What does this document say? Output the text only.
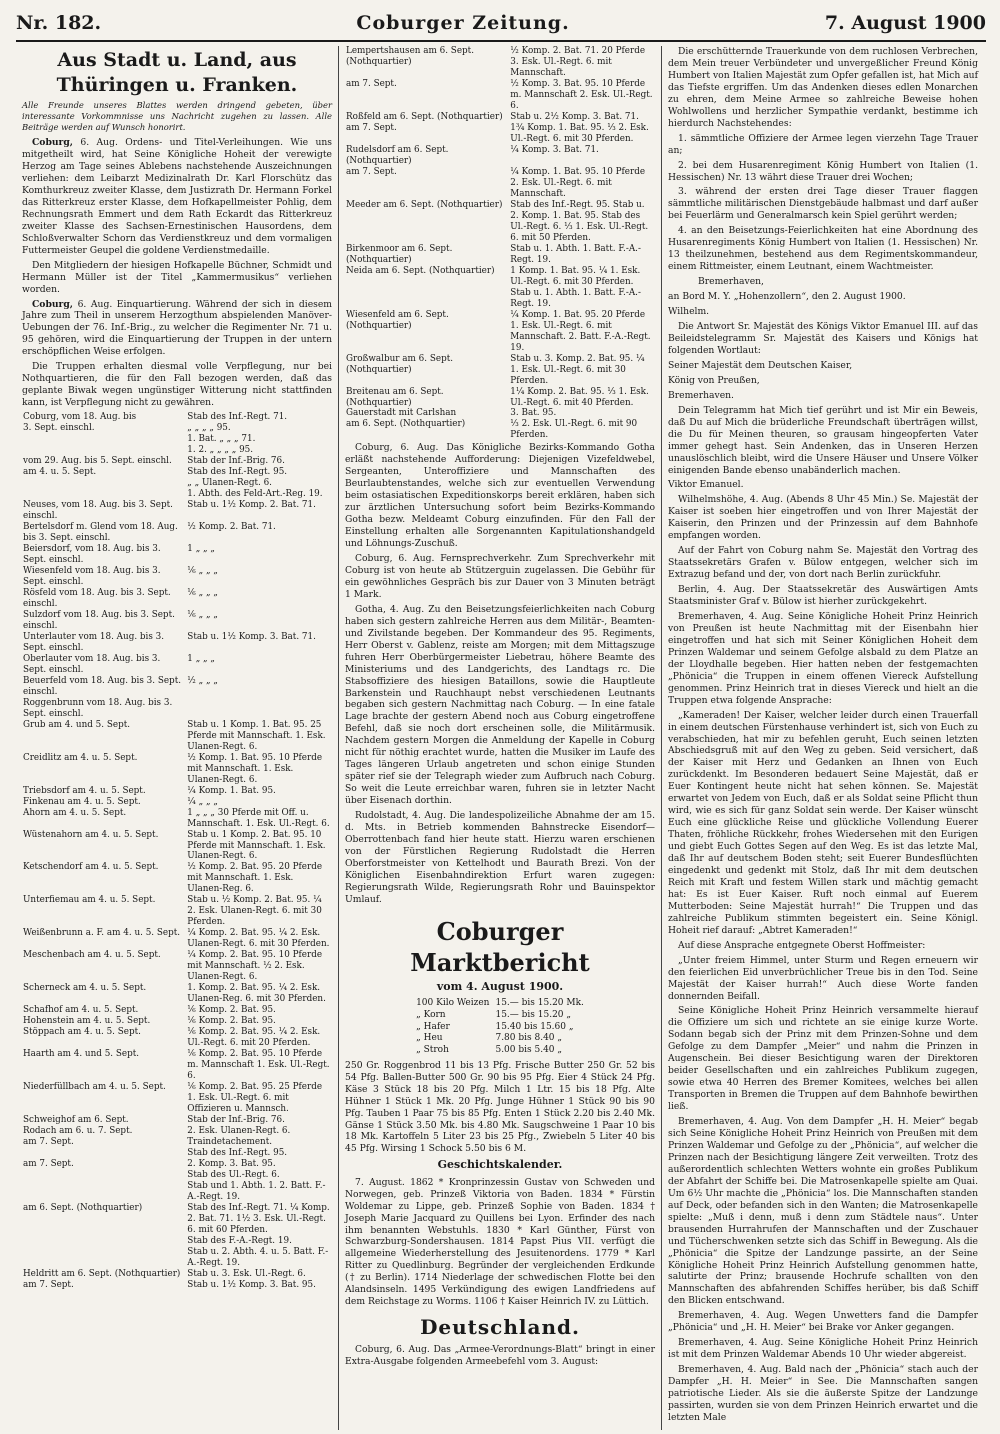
Nr. 182.	Coburger Zeitung.	7. August 1900
Aus Stadt u. Land, aus Thüringen u. Franken.
Alle Freunde unseres Blattes werden dringend gebeten, über interessante Vorkommnisse uns Nachricht zugehen zu lassen. Alle Beiträge werden auf Wunsch honorirt.

Coburg, 6. Aug. Ordens- und Titel-Verleihungen. Wie uns mitgetheilt wird, hat Seine Königliche Hoheit der verewigte Herzog am Tage seines Ablebens nachstehende Auszeichnungen verliehen: dem Leibarzt Medizinalrath Dr. Karl Florschütz das Komthurkreuz zweiter Klasse, dem Justizrath Dr. Hermann Forkel das Ritterkreuz erster Klasse, dem Hofkapellmeister Pohlig, dem Rechnungsrath Emmert und dem Rath Eckardt das Ritterkreuz zweiter Klasse des Sachsen-Ernestinischen Hausordens, dem Schloßverwalter Schorn das Verdienstkreuz und dem vormaligen Futtermeister Geupel die goldene Verdienstmedaille.

Den Mitgliedern der hiesigen Hofkapelle Büchner, Schmidt und Hermann Müller ist der Titel „Kammermusikus“ verliehen worden.

Coburg, 6. Aug. Einquartierung. Während der sich in diesem Jahre zum Theil in unserem Herzogthum abspielenden Manöver-Uebungen der 76. Inf.-Brig., zu welcher die Regimenter Nr. 71 u. 95 gehören, wird die Einquartierung der Truppen in der untern erschöpflichen Weise erfolgen.

Die Truppen erhalten diesmal volle Verpflegung, nur bei Nothquartieren, die für den Fall bezogen werden, daß das geplante Biwak wegen ungünstiger Witterung nicht stattfinden kann, ist Verpflegung nicht zu gewähren.

Coburg, vom 18. Aug. bis	Stab des Inf.-Regt. 71.
3. Sept. einschl.	„ „ „ „ 95.
	1. Bat. „ „ „ 71.
	1. 2. „ „ „ „ 95.
vom 29. Aug. bis 5. Sept. einschl.	Stab der Inf.-Brig. 76.
am 4. u. 5. Sept.	Stab des Inf.-Regt. 95.
	„ „ Ulanen-Regt. 6.
	1. Abth. des Feld-Art.-Reg. 19.
Neuses, vom 18. Aug. bis 3. Sept. einschl.	Stab u. 1½ Komp. 2. Bat. 71.
Bertelsdorf m. Glend vom 18. Aug. bis 3. Sept. einschl.	½ Komp. 2. Bat. 71.
Beiersdorf, vom 18. Aug. bis 3. Sept. einschl.	1 „ „ „
Wiesenfeld vom 18. Aug. bis 3. Sept. einschl.	⅙ „ „ „
Rösfeld vom 18. Aug. bis 3. Sept. einschl.	⅙ „ „ „
Sulzdorf vom 18. Aug. bis 3. Sept. einschl.	⅙ „ „ „
Unterlauter vom 18. Aug. bis 3. Sept. einschl.	Stab u. 1½ Komp. 3. Bat. 71.
Oberlauter vom 18. Aug. bis 3. Sept. einschl.	1 „ „ „
Beuerfeld vom 18. Aug. bis 3. Sept. einschl.	½ „ „ „
Roggenbrunn vom 18. Aug. bis 3. Sept. einschl.	
Grub am 4. und 5. Sept.	Stab u. 1 Komp. 1. Bat. 95. 25 Pferde mit Mannschaft. 1. Esk. Ulanen-Regt. 6.
Creidlitz am 4. u. 5. Sept.	½ Komp. 1. Bat. 95. 10 Pferde mit Mannschaft. 1. Esk. Ulanen-Regt. 6.
Triebsdorf am 4. u. 5. Sept.	¼ Komp. 1. Bat. 95.
Finkenau am 4. u. 5. Sept.	¼ „ „ „
Ahorn am 4. u. 5. Sept.	1 „ „ „ 30 Pferde mit Off. u. Mannschaft. 1. Esk. Ul.-Regt. 6.
Wüstenahorn am 4. u. 5. Sept.	Stab u. 1 Komp. 2. Bat. 95. 10 Pferde mit Mannschaft. 1. Esk. Ulanen-Regt. 6.
Ketschendorf am 4. u. 5. Sept.	½ Komp. 2. Bat. 95. 20 Pferde mit Mannschaft. 1. Esk. Ulanen-Reg. 6.
Unterfiemau am 4. u. 5. Sept.	Stab u. ½ Komp. 2. Bat. 95. ¼ 2. Esk. Ulanen-Regt. 6. mit 30 Pferden.
Weißenbrunn a. F. am 4. u. 5. Sept.	¼ Komp. 2. Bat. 95. ¼ 2. Esk. Ulanen-Regt. 6. mit 30 Pferden.
Meschenbach am 4. u. 5. Sept.	¼ Komp. 2. Bat. 95. 10 Pferde mit Mannschaft. ½ 2. Esk. Ulanen-Regt. 6.
Scherneck am 4. u. 5. Sept.	1. Komp. 2. Bat. 95. ¼ 2. Esk. Ulanen-Reg. 6. mit 30 Pferden.
Schafhof am 4. u. 5. Sept.	⅙ Komp. 2. Bat. 95.
Hohenstein am 4. u. 5. Sept.	⅙ Komp. 2. Bat. 95.
Stöppach am 4. u. 5. Sept.	⅙ Komp. 2. Bat. 95. ¼ 2. Esk. Ul.-Regt. 6. mit 20 Pferden.
Haarth am 4. und 5. Sept.	⅙ Komp. 2. Bat. 95. 10 Pferde m. Mannschaft 1. Esk. Ul.-Regt. 6.
Niederfüllbach am 4. u. 5. Sept.	⅙ Komp. 2. Bat. 95. 25 Pferde 1. Esk. Ul.-Regt. 6. mit Offizieren u. Mannsch.
Schweighof am 6. Sept.	Stab der Inf.-Brig. 76.
Rodach am 6. u. 7. Sept.	2. Esk. Ulanen-Regt. 6.
am 7. Sept.	Traindetachement.
	Stab des Inf.-Regt. 95.
am 7. Sept.	2. Komp. 3. Bat. 95.
	Stab des Ul.-Regt. 6.
	Stab und 1. Abth. 1. 2. Batt. F.-A.-Regt. 19.
am 6. Sept. (Nothquartier)	Stab des Inf.-Regt. 71. ¼ Komp. 2. Bat. 71. 1½ 3. Esk. Ul.-Regt. 6. mit 60 Pferden.
	Stab des F.-A.-Regt. 19.
	Stab u. 2. Abth. 4. u. 5. Batt. F.-A.-Regt. 19.
Heldritt am 6. Sept. (Nothquartier)	Stab u. 3. Esk. Ul.-Regt. 6.
am 7. Sept.	Stab u. 1½ Komp. 3. Bat. 95.
Lempertshausen am 6. Sept. (Nothquartier)	½ Komp. 2. Bat. 71. 20 Pferde 3. Esk. Ul.-Regt. 6. mit Mannschaft.
am 7. Sept.	½ Komp. 3. Bat. 95. 10 Pferde m. Mannschaft 2. Esk. Ul.-Regt. 6.
Roßfeld am 6. Sept. (Nothquartier)	Stab u. 2½ Komp. 3. Bat. 71.
am 7. Sept.	1¾ Komp. 1. Bat. 95. ⅓ 2. Esk. Ul.-Regt. 6. mit 30 Pferden.
Rudelsdorf am 6. Sept. (Nothquartier)	¼ Komp. 3. Bat. 71.
am 7. Sept.	¼ Komp. 1. Bat. 95. 10 Pferde 2. Esk. Ul.-Regt. 6. mit Mannschaft.
Meeder am 6. Sept. (Nothquartier)	Stab des Inf.-Regt. 95. Stab u. 2. Komp. 1. Bat. 95. Stab des Ul.-Regt. 6. ⅓ 1. Esk. Ul.-Regt. 6. mit 50 Pferden.
Birkenmoor am 6. Sept. (Nothquartier)	Stab u. 1. Abth. 1. Batt. F.-A.-Regt. 19.
Neida am 6. Sept. (Nothquartier)	1 Komp. 1. Bat. 95. ¼ 1. Esk. Ul.-Regt. 6. mit 30 Pferden. Stab u. 1. Abth. 1. Batt. F.-A.-Regt. 19.
Wiesenfeld am 6. Sept. (Nothquartier)	¼ Komp. 1. Bat. 95. 20 Pferde 1. Esk. Ul.-Regt. 6. mit Mannschaft. 2. Batt. F.-A.-Regt. 19.
Großwalbur am 6. Sept. (Nothquartier)	Stab u. 3. Komp. 2. Bat. 95. ¼ 1. Esk. Ul.-Regt. 6. mit 30 Pferden.
Breitenau am 6. Sept. (Nothquartier)	1¼ Komp. 2. Bat. 95. ⅓ 1. Esk. Ul.-Regt. 6. mit 40 Pferden.
Gauerstadt mit Carlshan	3. Bat. 95.
am 6. Sept. (Nothquartier)	⅓ 2. Esk. Ul.-Regt. 6. mit 90 Pferden.

Coburg, 6. Aug. Das Königliche Bezirks-Kommando Gotha erläßt nachstehende Aufforderung: Diejenigen Vizefeldwebel, Sergeanten, Unteroffiziere und Mannschaften des Beurlaubtenstandes, welche sich zur eventuellen Verwendung beim ostasiatischen Expeditionskorps bereit erklären, haben sich zur ärztlichen Untersuchung sofort beim Bezirks-Kommando Gotha bezw. Meldeamt Coburg einzufinden. Für den Fall der Einstellung erhalten alle Sorgenannten Kapitulationshandgeld und Löhnungs-Zuschuß.

Coburg, 6. Aug. Fernsprechverkehr. Zum Sprechverkehr mit Coburg ist von heute ab Stützerguin zugelassen. Die Gebühr für ein gewöhnliches Gespräch bis zur Dauer von 3 Minuten beträgt 1 Mark.

Gotha, 4. Aug. Zu den Beisetzungsfeierlichkeiten nach Coburg haben sich gestern zahlreiche Herren aus dem Militär-, Beamten- und Zivilstande begeben. Der Kommandeur des 95. Regiments, Herr Oberst v. Gablenz, reiste am Morgen; mit dem Mittagszuge fuhren Herr Oberbürgermeister Liebetrau, höhere Beamte des Ministeriums und des Landgerichts, des Landtags rc. Die Stabsoffiziere des hiesigen Bataillons, sowie die Hauptleute Barkenstein und Rauchhaupt nebst verschiedenen Leutnants begaben sich gestern Nachmittag nach Coburg. — In eine fatale Lage brachte der gestern Abend noch aus Coburg eingetroffene Befehl, daß sie noch dort erscheinen solle, die Militärmusik. Nachdem gestern Morgen die Anmeldung der Kapelle in Coburg nicht für nöthig erachtet wurde, hatten die Musiker im Laufe des Tages längeren Urlaub angetreten und schon einige Stunden später rief sie der Telegraph wieder zum Aufbruch nach Coburg. So weit die Leute erreichbar waren, fuhren sie in letzter Nacht über Eisenach dorthin.

Rudolstadt, 4. Aug. Die landespolizeiliche Abnahme der am 15. d. Mts. in Betrieb kommenden Bahnstrecke Eisendorf—Oberrottenbach fand hier heute statt. Hierzu waren erschienen von der Fürstlichen Regierung Rudolstadt die Herren Oberforstmeister von Kettelhodt und Baurath Brezi. Von der Königlichen Eisenbahndirektion Erfurt waren zugegen: Regierungsrath Wilde, Regierungsrath Rohr und Bauinspektor Umlauf.

Coburger Marktbericht
vom 4. August 1900.
100 Kilo Weizen	15.— bis 15.20 Mk.
„ Korn	15.— bis 15.20 „
„ Hafer	15.40 bis 15.60 „
„ Heu	7.80 bis 8.40 „
„ Stroh	5.00 bis 5.40 „

250 Gr. Roggenbrod 11 bis 13 Pfg. Frische Butter 250 Gr. 52 bis 54 Pfg. Ballen-Butter 500 Gr. 90 bis 95 Pfg. Eier 4 Stück 24 Pfg. Käse 3 Stück 18 bis 20 Pfg. Milch 1 Ltr. 15 bis 18 Pfg. Alte Hühner 1 Stück 1 Mk. 20 Pfg. Junge Hühner 1 Stück 90 bis 90 Pfg. Tauben 1 Paar 75 bis 85 Pfg. Enten 1 Stück 2.20 bis 2.40 Mk. Gänse 1 Stück 3.50 Mk. bis 4.80 Mk. Saugschweine 1 Paar 10 bis 18 Mk. Kartoffeln 5 Liter 23 bis 25 Pfg., Zwiebeln 5 Liter 40 bis 45 Pfg. Wirsing 1 Schock 5.50 bis 6 M.

Geschichtskalender.

7. August. 1862 * Kronprinzessin Gustav von Schweden und Norwegen, geb. Prinzeß Viktoria von Baden. 1834 * Fürstin Woldemar zu Lippe, geb. Prinzeß Sophie von Baden. 1834 † Joseph Marie Jacquard zu Quillens bei Lyon. Erfinder des nach ihm benannten Webstuhls. 1830 * Karl Günther, Fürst von Schwarzburg-Sondershausen. 1814 Papst Pius VII. verfügt die allgemeine Wiederherstellung des Jesuitenordens. 1779 * Karl Ritter zu Quedlinburg. Begründer der vergleichenden Erdkunde († zu Berlin). 1714 Niederlage der schwedischen Flotte bei den Alandsinseln. 1495 Verkündigung des ewigen Landfriedens auf dem Reichstage zu Worms. 1106 † Kaiser Heinrich IV. zu Lüttich.

Deutschland.

Coburg, 6. Aug. Das „Armee-Verordnungs-Blatt“ bringt in einer Extra-Ausgabe folgenden Armeebefehl vom 3. August:

Die erschütternde Trauerkunde von dem ruchlosen Verbrechen, dem Mein treuer Verbündeter und unvergeßlicher Freund König Humbert von Italien Majestät zum Opfer gefallen ist, hat Mich auf das Tiefste ergriffen. Um das Andenken dieses edlen Monarchen zu ehren, dem Meine Armee so zahlreiche Beweise hohen Wohlwollens und herzlicher Sympathie verdankt, bestimme ich hierdurch Nachstehendes:

1. sämmtliche Offiziere der Armee legen vierzehn Tage Trauer an;

2. bei dem Husarenregiment König Humbert von Italien (1. Hessischen) Nr. 13 währt diese Trauer drei Wochen;

3. während der ersten drei Tage dieser Trauer flaggen sämmtliche militärischen Dienstgebäude halbmast und darf außer bei Feuerlärm und Generalmarsch kein Spiel gerührt werden;

4. an den Beisetzungs-Feierlichkeiten hat eine Abordnung des Husarenregiments König Humbert von Italien (1. Hessischen) Nr. 13 theilzunehmen, bestehend aus dem Regimentskommandeur, einem Rittmeister, einem Leutnant, einem Wachtmeister.

Bremerhaven,

an Bord M. Y. „Hohenzollern“, den 2. August 1900.

Wilhelm.

Die Antwort Sr. Majestät des Königs Viktor Emanuel III. auf das Beileidstelegramm Sr. Majestät des Kaisers und Königs hat folgenden Wortlaut:

Seiner Majestät dem Deutschen Kaiser,

König von Preußen,

Bremerhaven.

Dein Telegramm hat Mich tief gerührt und ist Mir ein Beweis, daß Du auf Mich die brüderliche Freundschaft überträgen willst, die Du für Meinen theuren, so grausam hingeopferten Vater immer gehegt hast. Sein Andenken, das in Unseren Herzen unauslöschlich bleibt, wird die Unsere Häuser und Unsere Völker einigenden Bande ebenso unabänderlich machen.

Viktor Emanuel.

Wilhelmshöhe, 4. Aug. (Abends 8 Uhr 45 Min.) Se. Majestät der Kaiser ist soeben hier eingetroffen und von Ihrer Majestät der Kaiserin, den Prinzen und der Prinzessin auf dem Bahnhofe empfangen worden.

Auf der Fahrt von Coburg nahm Se. Majestät den Vortrag des Staatssekretärs Grafen v. Bülow entgegen, welcher sich im Extrazug befand und der, von dort nach Berlin zurückfuhr.

Berlin, 4. Aug. Der Staatssekretär des Auswärtigen Amts Staatsminister Graf v. Bülow ist hierher zurückgekehrt.

Bremerhaven, 4. Aug. Seine Königliche Hoheit Prinz Heinrich von Preußen ist heute Nachmittag mit der Eisenbahn hier eingetroffen und hat sich mit Seiner Königlichen Hoheit dem Prinzen Waldemar und seinem Gefolge alsbald zu dem Platze an der Lloydhalle begeben. Hier hatten neben der festgemachten „Phönicia“ die Truppen in einem offenen Viereck Aufstellung genommen. Prinz Heinrich trat in dieses Viereck und hielt an die Truppen etwa folgende Ansprache:

„Kameraden! Der Kaiser, welcher leider durch einen Trauerfall in einem deutschen Fürstenhause verhindert ist, sich von Euch zu verabschieden, hat mir zu befehlen geruht, Euch seinen letzten Abschiedsgruß mit auf den Weg zu geben. Seid versichert, daß der Kaiser mit Herz und Gedanken an Ihnen von Euch zurückdenkt. Im Besonderen bedauert Seine Majestät, daß er Euer Kontingent heute nicht hat sehen können. Se. Majestät erwartet von Jedem von Euch, daß er als Soldat seine Pflicht thun wird, wie es sich für ganz Soldat sein werde. Der Kaiser wünscht Euch eine glückliche Reise und glückliche Vollendung Euerer Thaten, fröhliche Rückkehr, frohes Wiedersehen mit den Eurigen und giebt Euch Gottes Segen auf den Weg. Es ist das letzte Mal, daß Ihr auf deutschem Boden steht; seit Euerer Bundesflüchten eingedenkt und gedenkt mit Stolz, daß Ihr mit dem deutschen Reich mit Kraft und festem Willen stark und mächtig gemacht hat: Es ist Euer Kaiser. Ruft noch einmal auf Euerem Mutterboden: Seine Majestät hurrah!“ Die Truppen und das zahlreiche Publikum stimmten begeistert ein. Seine Königl. Hoheit rief darauf: „Abtret Kameraden!“

Auf diese Ansprache entgegnete Oberst Hoffmeister:

„Unter freiem Himmel, unter Sturm und Regen erneuern wir den feierlichen Eid unverbrüchlicher Treue bis in den Tod. Seine Majestät der Kaiser hurrah!“ Auch diese Worte fanden donnernden Beifall.

Seine Königliche Hoheit Prinz Heinrich versammelte hierauf die Offiziere um sich und richtete an sie einige kurze Worte. Sodann begab sich der Prinz mit dem Prinzen-Sohne und dem Gefolge zu dem Dampfer „Meier“ und nahm die Prinzen in Augenschein. Bei dieser Besichtigung waren der Direktoren beider Gesellschaften und ein zahlreiches Publikum zugegen, sowie etwa 40 Herren des Bremer Komitees, welches bei allen Transporten in Bremen die Truppen auf dem Bahnhofe bewirthen ließ.

Bremerhaven, 4. Aug. Von dem Dampfer „H. H. Meier“ begab sich Seine Königliche Hoheit Prinz Heinrich von Preußen mit dem Prinzen Waldemar und Gefolge zu der „Phönicia“, auf welcher die Prinzen nach der Besichtigung längere Zeit verweilten. Trotz des außerordentlich schlechten Wetters wohnte ein großes Publikum der Abfahrt der Schiffe bei. Die Matrosenkapelle spielte am Quai. Um 6½ Uhr machte die „Phönicia“ los. Die Mannschaften standen auf Deck, oder befanden sich in den Wanten; die Matrosenkapelle spielte: „Muß i denn, muß i denn zum Städtele naus“. Unter brausenden Hurrahrufen der Mannschaften und der Zuschauer und Tücherschwenken setzte sich das Schiff in Bewegung. Als die „Phönicia“ die Spitze der Landzunge passirte, an der Seine Königliche Hoheit Prinz Heinrich Aufstellung genommen hatte, salutirte der Prinz; brausende Hochrufe schallten von den Mannschaften des abfahrenden Schiffes herüber, bis daß Schiff den Blicken entschwand.

Bremerhaven, 4. Aug. Wegen Unwetters fand die Dampfer „Phönicia“ und „H. H. Meier“ bei Brake vor Anker gegangen.

Bremerhaven, 4. Aug. Seine Königliche Hoheit Prinz Heinrich ist mit dem Prinzen Waldemar Abends 10 Uhr wieder abgereist.

Bremerhaven, 4. Aug. Bald nach der „Phönicia“ stach auch der Dampfer „H. H. Meier“ in See. Die Mannschaften sangen patriotische Lieder. Als sie die äußerste Spitze der Landzunge passirten, wurden sie von dem Prinzen Heinrich erwartet und die letzten Male
